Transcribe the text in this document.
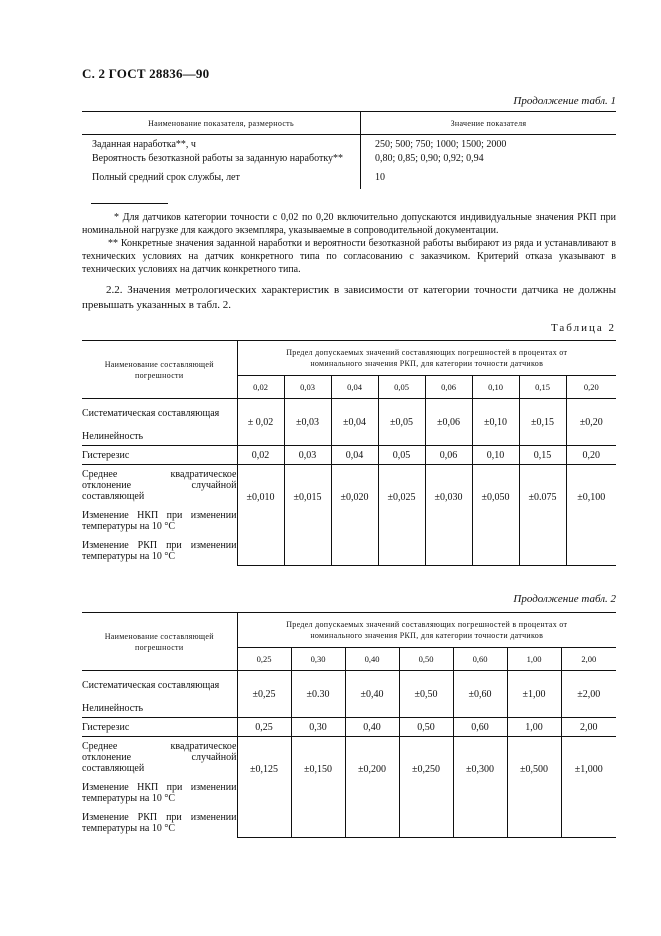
С. 2 ГОСТ 28836—90
Продолжение табл. 1
Наименование показателя, размерность	Значение показателя
Заданная наработка**, ч	250; 500; 750; 1000; 1500; 2000
Вероятность безотказной работы за заданную наработку**	0,80; 0,85; 0,90; 0,92; 0,94
Полный средний срок службы, лет	10
* Для датчиков категории точности с 0,02 по 0,20 включительно допускаются индивидуальные значения РКП при номинальной нагрузке для каждого экземпляра, указываемые в сопроводительной документации.
** Конкретные значения заданной наработки и вероятности безотказной работы выбирают из ряда и устанавливают в технических условиях на датчик конкретного типа по согласованию с заказчиком. Критерий отказа указывают в технических условиях на датчик конкретного типа.
2.2. Значения метрологических характеристик в зависимости от категории точности датчика не должны превышать указанных в табл. 2.
Таблица 2
Наименование составляющей погрешности	Предел допускаемых значений составляющих погрешностей в процентах от номинального значения РКП, для категории точности датчиков							
	0,02	0,03	0,04	0,05	0,06	0,10	0,15	0,20
Систематическая составляющая	± 0,02	±0,03	±0,04	±0,05	±0,06	±0,10	±0,15	±0,20
Нелинейность								
Гистерезис	0,02	0,03	0,04	0,05	0,06	0,10	0,15	0,20
Среднее квадратическое отклонение случайной составляющей	±0,010	±0,015	±0,020	±0,025	±0,030	±0,050	±0.075	±0,100
Изменение НКП при изменении температуры на 10 °С								
Изменение РКП при изменении температуры на 10 °С								
Продолжение табл. 2
Наименование составляющей погрешности	Предел допускаемых значений составляющих погрешностей в процентах от номинального значения РКП, для категории точности датчиков						
	0,25	0,30	0,40	0,50	0,60	1,00	2,00
Систематическая составляющая	±0,25	±0.30	±0,40	±0,50	±0,60	±1,00	±2,00
Нелинейность							
Гистерезис	0,25	0,30	0,40	0,50	0,60	1,00	2,00
Среднее квадратическое отклонение случайной составляющей	±0,125	±0,150	±0,200	±0,250	±0,300	±0,500	±1,000
Изменение НКП при изменении температуры на 10 °С							
Изменение РКП при изменении температуры на 10 °С							
